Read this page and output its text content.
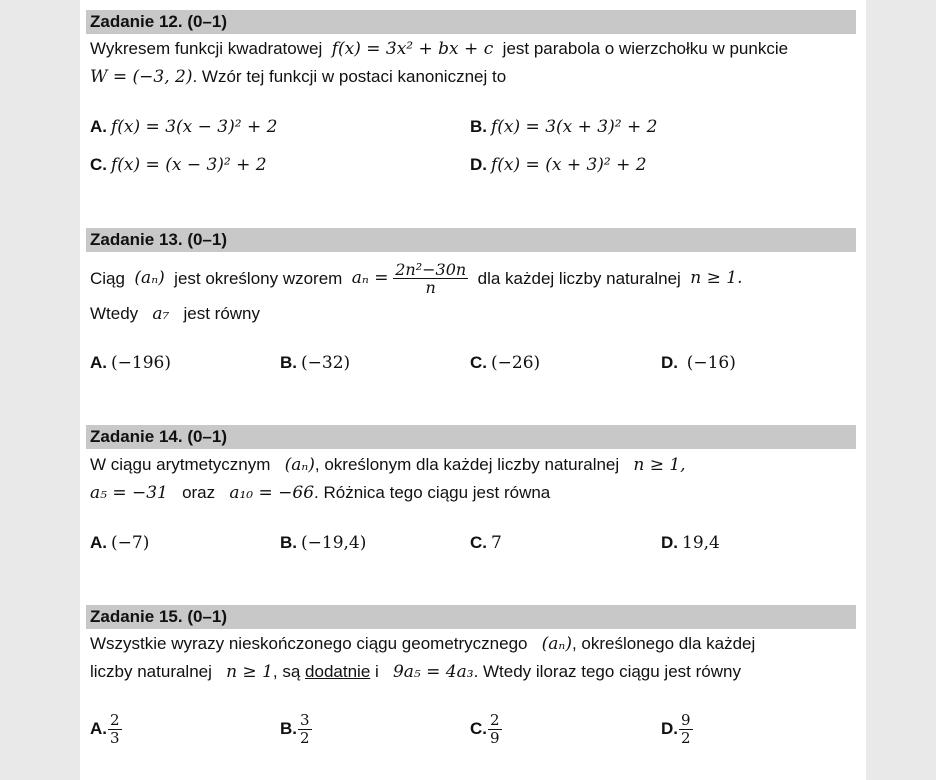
Zadanie 12. (0–1)
Wykresem funkcji kwadratowej f(x) = 3x² + bx + c jest parabola o wierzchołku w punkcie
W = (−3, 2). Wzór tej funkcji w postaci kanonicznej to
A. f(x) = 3(x − 3)² + 2	B. f(x) = 3(x + 3)² + 2
C. f(x) = (x − 3)² + 2	D. f(x) = (x + 3)² + 2
Zadanie 13. (0–1)
Ciąg
(aₙ)
jest określony wzorem
aₙ =
$\frac{\text{2n²−30n}}{n}$
dla każdej liczby naturalnej
n ≥ 1.
Wtedy a₇ jest równy
A. (−196)	B. (−32)	C. (−26)	D. (−16)
Zadanie 14. (0–1)
W ciągu arytmetycznym (aₙ), określonym dla każdej liczby naturalnej n ≥ 1,
a₅ = −31 oraz a₁₀ = −66. Różnica tego ciągu jest równa
A. (−7)	B. (−19,4)	C. 7	D. 19,4
Zadanie 15. (0–1)
Wszystkie wyrazy nieskończonego ciągu geometrycznego (aₙ), określonego dla każdej
liczby naturalnej n ≥ 1, są dodatnie i 9a₅ = 4a₃. Wtedy iloraz tego ciągu jest równy
A. $\frac{2}{3}$	B. $\frac{3}{2}$	C. $\frac{2}{9}$	D. $\frac{9}{2}$
